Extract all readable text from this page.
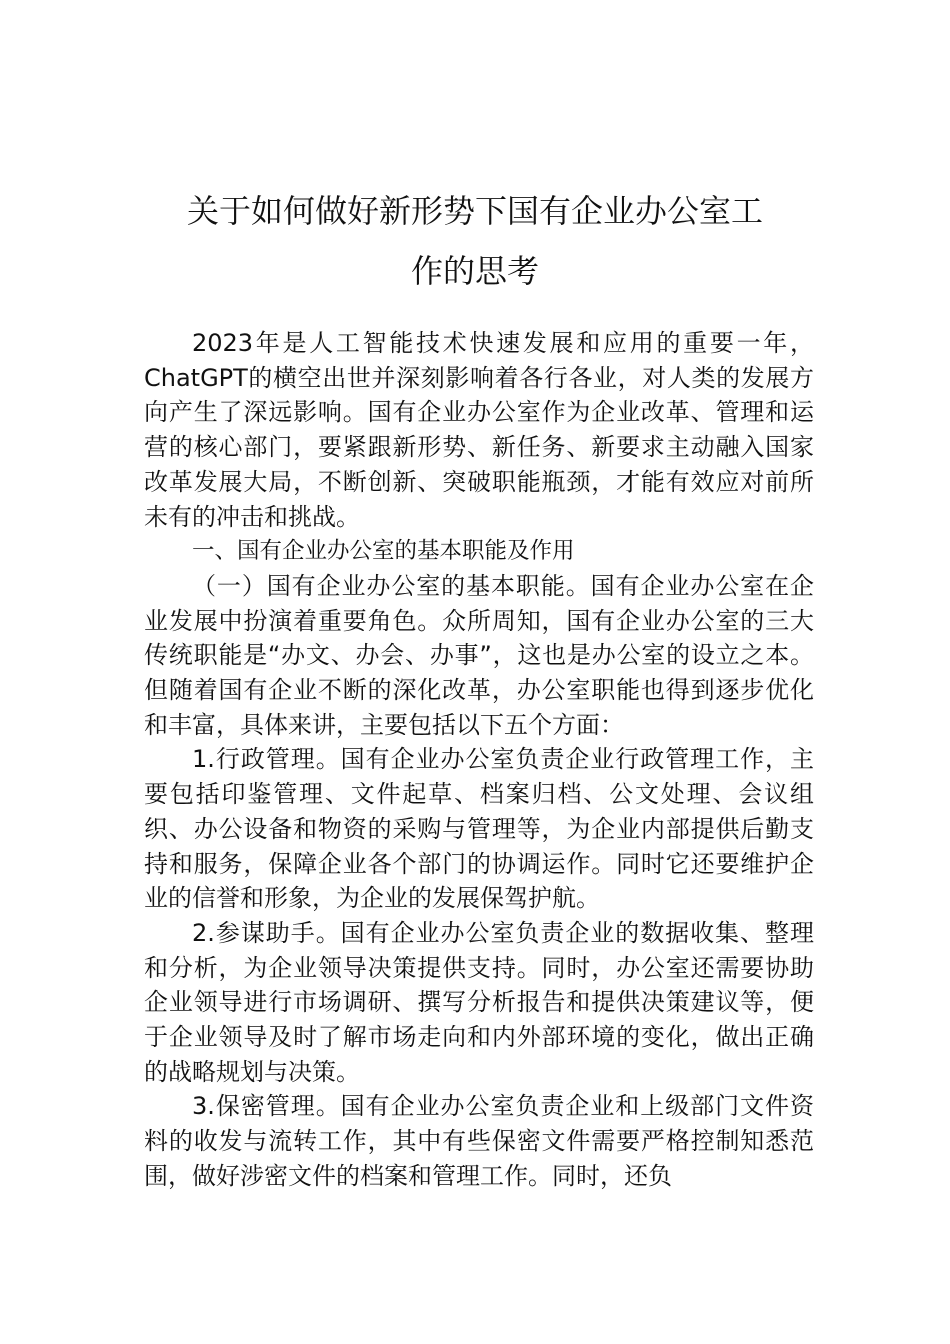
关于如何做好新形势下国有企业办公室工
作的思考

2023年是人工智能技术快速发展和应用的重要一年，ChatGPT的横空出世并深刻影响着各行各业，对人类的发展方向产生了深远影响。国有企业办公室作为企业改革、管理和运营的核心部门，要紧跟新形势、新任务、新要求主动融入国家改革发展大局，不断创新、突破职能瓶颈，才能有效应对前所未有的冲击和挑战。

一、国有企业办公室的基本职能及作用

（一）国有企业办公室的基本职能。国有企业办公室在企业发展中扮演着重要角色。众所周知，国有企业办公室的三大传统职能是“办文、办会、办事”，这也是办公室的设立之本。但随着国有企业不断的深化改革，办公室职能也得到逐步优化和丰富，具体来讲，主要包括以下五个方面：

1.行政管理。国有企业办公室负责企业行政管理工作，主要包括印鉴管理、文件起草、档案归档、公文处理、会议组织、办公设备和物资的采购与管理等，为企业内部提供后勤支持和服务，保障企业各个部门的协调运作。同时它还要维护企业的信誉和形象，为企业的发展保驾护航。

2.参谋助手。国有企业办公室负责企业的数据收集、整理和分析，为企业领导决策提供支持。同时，办公室还需要协助企业领导进行市场调研、撰写分析报告和提供决策建议等，便于企业领导及时了解市场走向和内外部环境的变化，做出正确的战略规划与决策。

3.保密管理。国有企业办公室负责企业和上级部门文件资料的收发与流转工作，其中有些保密文件需要严格控制知悉范围，做好涉密文件的档案和管理工作。同时，还负
